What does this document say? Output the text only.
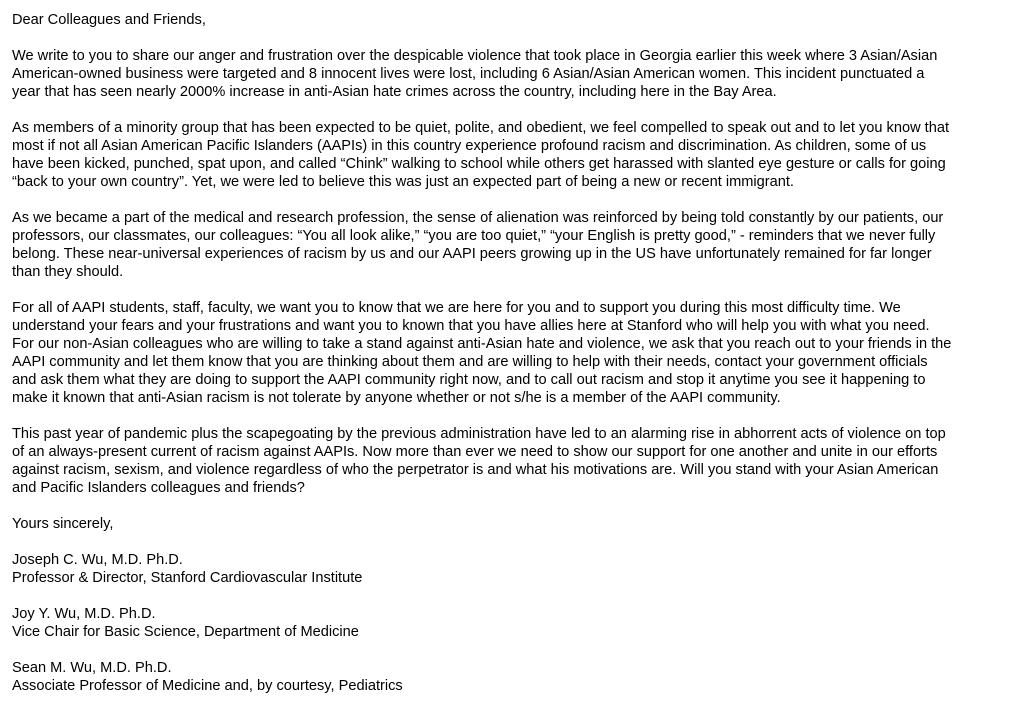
Dear Colleagues and Friends,
We write to you to share our anger and frustration over the despicable violence that took place in Georgia earlier this week where 3 Asian/Asian
American-owned business were targeted and 8 innocent lives were lost, including 6 Asian/Asian American women. This incident punctuated a
year that has seen nearly 2000% increase in anti-Asian hate crimes across the country, including here in the Bay Area.
As members of a minority group that has been expected to be quiet, polite, and obedient, we feel compelled to speak out and to let you know that
most if not all Asian American Pacific Islanders (AAPIs) in this country experience profound racism and discrimination. As children, some of us
have been kicked, punched, spat upon, and called “Chink” walking to school while others get harassed with slanted eye gesture or calls for going
“back to your own country”. Yet, we were led to believe this was just an expected part of being a new or recent immigrant.
As we became a part of the medical and research profession, the sense of alienation was reinforced by being told constantly by our patients, our
professors, our classmates, our colleagues: “You all look alike,” “you are too quiet,” “your English is pretty good,” - reminders that we never fully
belong. These near-universal experiences of racism by us and our AAPI peers growing up in the US have unfortunately remained for far longer
than they should.
For all of AAPI students, staff, faculty, we want you to know that we are here for you and to support you during this most difficulty time. We
understand your fears and your frustrations and want you to known that you have allies here at Stanford who will help you with what you need.
For our non-Asian colleagues who are willing to take a stand against anti-Asian hate and violence, we ask that you reach out to your friends in the
AAPI community and let them know that you are thinking about them and are willing to help with their needs, contact your government officials
and ask them what they are doing to support the AAPI community right now, and to call out racism and stop it anytime you see it happening to
make it known that anti-Asian racism is not tolerate by anyone whether or not s/he is a member of the AAPI community.
This past year of pandemic plus the scapegoating by the previous administration have led to an alarming rise in abhorrent acts of violence on top
of an always-present current of racism against AAPIs. Now more than ever we need to show our support for one another and unite in our efforts
against racism, sexism, and violence regardless of who the perpetrator is and what his motivations are. Will you stand with your Asian American
and Pacific Islanders colleagues and friends?
Yours sincerely,
Joseph C. Wu, M.D. Ph.D.
Professor & Director, Stanford Cardiovascular Institute
Joy Y. Wu, M.D. Ph.D.
Vice Chair for Basic Science, Department of Medicine
Sean M. Wu, M.D. Ph.D.
Associate Professor of Medicine and, by courtesy, Pediatrics
